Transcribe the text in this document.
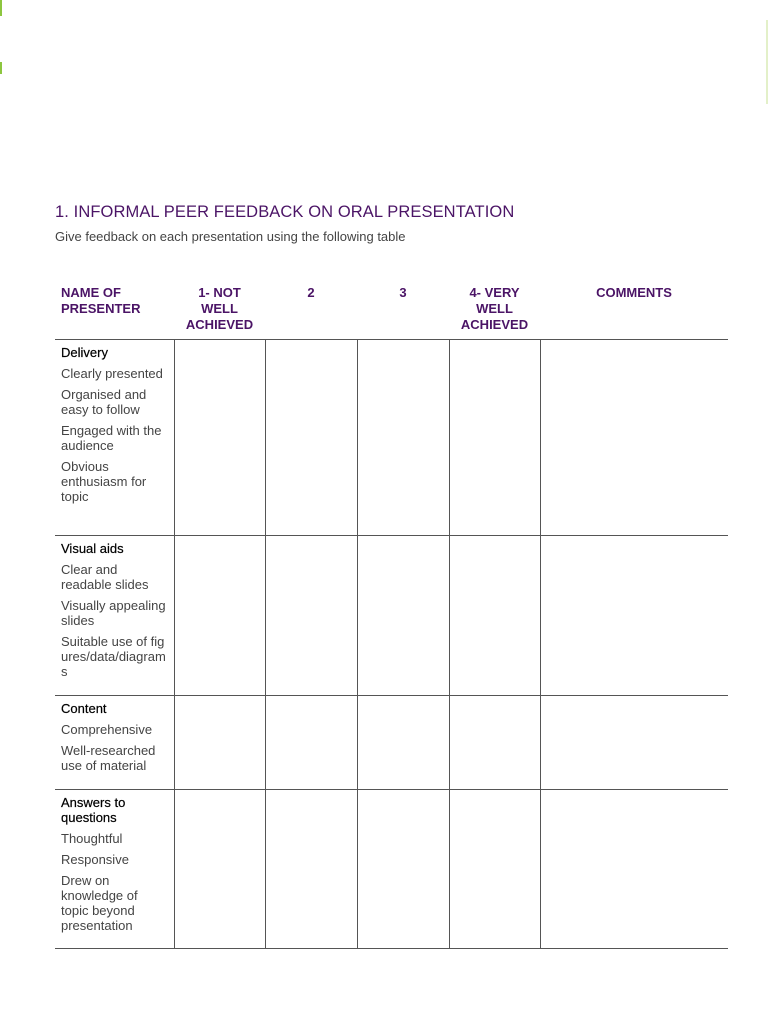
1. INFORMAL PEER FEEDBACK ON ORAL PRESENTATION

Give feedback on each presentation using the following table

NAME OF PRESENTER	1- NOT WELL ACHIEVED	2	3	4- VERY WELL ACHIEVED	COMMENTS

Delivery
Clearly presented
Organised and easy to follow
Engaged with the audience
Obvious enthusiasm for topic					

Visual aids
Clear and readable slides
Visually appealing slides
Suitable use of figures/data/diagrams					

Content
Comprehensive
Well-researched use of material					

Answers to questions
Thoughtful
Responsive
Drew on knowledge of topic beyond presentation					
